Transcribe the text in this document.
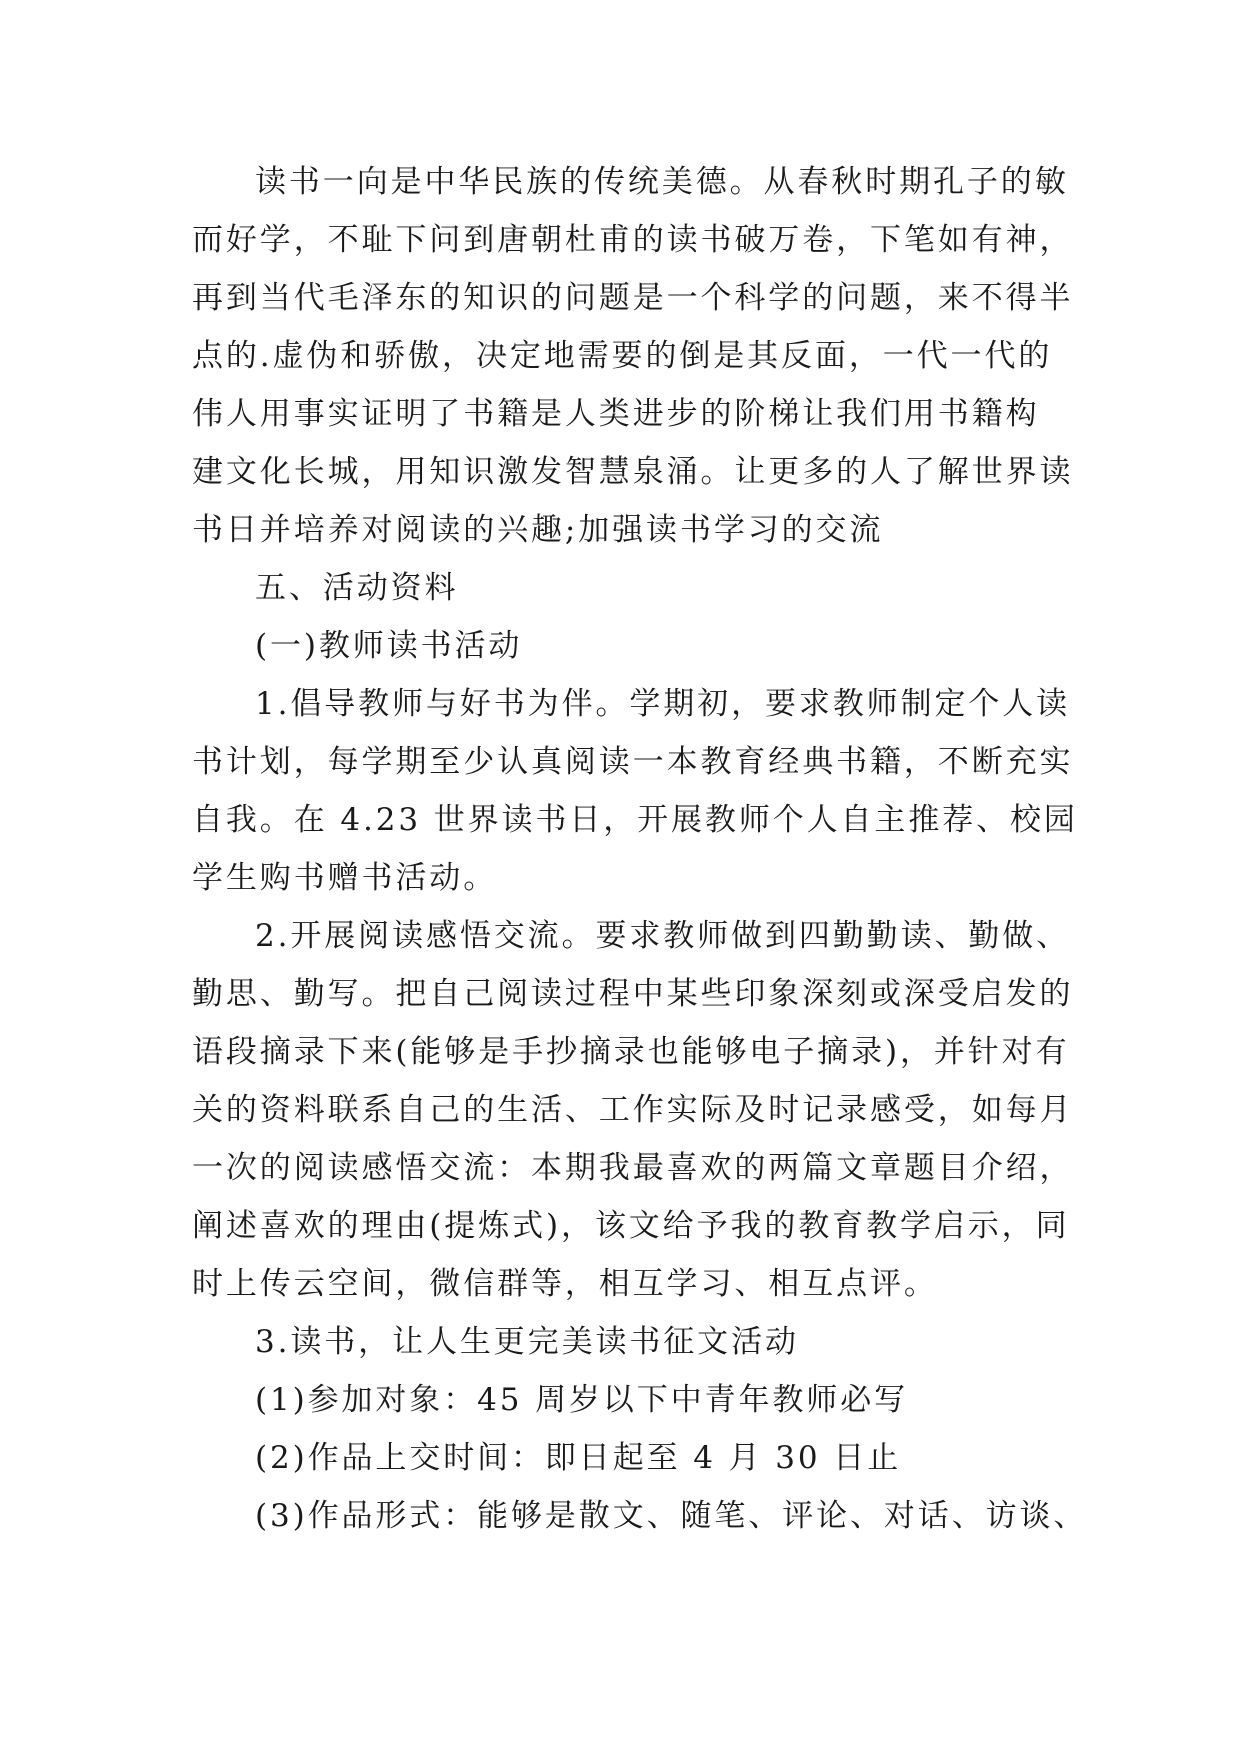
读书一向是中华民族的传统美德。从春秋时期孔子的敏
而好学，不耻下问到唐朝杜甫的读书破万卷，下笔如有神，
再到当代毛泽东的知识的问题是一个科学的问题，来不得半
点的.虚伪和骄傲，决定地需要的倒是其反面，一代一代的
伟人用事实证明了书籍是人类进步的阶梯让我们用书籍构
建文化长城，用知识激发智慧泉涌。让更多的人了解世界读
书日并培养对阅读的兴趣;加强读书学习的交流
五、活动资料
(一)教师读书活动
1.倡导教师与好书为伴。学期初，要求教师制定个人读
书计划，每学期至少认真阅读一本教育经典书籍，不断充实
自我。在 4.23 世界读书日，开展教师个人自主推荐、校园
学生购书赠书活动。
2.开展阅读感悟交流。要求教师做到四勤勤读、勤做、
勤思、勤写。把自己阅读过程中某些印象深刻或深受启发的
语段摘录下来(能够是手抄摘录也能够电子摘录)，并针对有
关的资料联系自己的生活、工作实际及时记录感受，如每月
一次的阅读感悟交流：本期我最喜欢的两篇文章题目介绍，
阐述喜欢的理由(提炼式)，该文给予我的教育教学启示，同
时上传云空间，微信群等，相互学习、相互点评。
3.读书，让人生更完美读书征文活动
(1)参加对象：45 周岁以下中青年教师必写
(2)作品上交时间：即日起至 4 月 30 日止
(3)作品形式：能够是散文、随笔、评论、对话、访谈、
